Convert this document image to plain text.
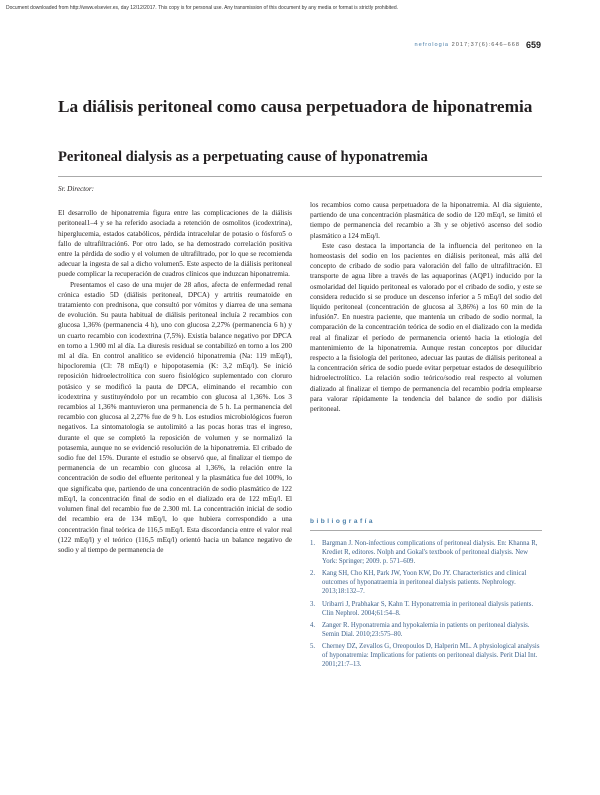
Document downloaded from http://www.elsevier.es, day 12/12/2017. This copy is for personal use. Any transmission of this document by any media or format is strictly prohibited.
nefrologia 2017;37(6):646–668 659
La diálisis peritoneal como causa perpetuadora de hiponatremia
Peritoneal dialysis as a perpetuating cause of hyponatremia

Sr. Director:

El desarrollo de hiponatremia figura entre las complicaciones de la diálisis peritoneal1–4 y se ha referido asociada a retención de osmolitos (icodextrina), hiperglucemia, estados catabólicos, pérdida intracelular de potasio o fósforo5 o fallo de ultrafiltración6. Por otro lado, se ha demostrado correlación positiva entre la pérdida de sodio y el volumen de ultrafiltrado, por lo que se recomienda adecuar la ingesta de sal a dicho volumen5. Este aspecto de la diálisis peritoneal puede complicar la recuperación de cuadros clínicos que induzcan hiponatremia.

Presentamos el caso de una mujer de 28 años, afecta de enfermedad renal crónica estadio 5D (diálisis peritoneal, DPCA) y artritis reumatoide en tratamiento con prednisona, que consultó por vómitos y diarrea de una semana de evolución. Su pauta habitual de diálisis peritoneal incluía 2 recambios con glucosa 1,36% (permanencia 4 h), uno con glucosa 2,27% (permanencia 6 h) y un cuarto recambio con icodextrina (7,5%). Existía balance negativo por DPCA en torno a 1.900 ml al día. La diuresis residual se contabilizó en torno a los 200 ml al día. En control analítico se evidenció hiponatremia (Na: 119 mEq/l), hipocloremia (Cl: 78 mEq/l) e hipopotasemia (K: 3,2 mEq/l). Se inició reposición hidroelectrolítica con suero fisiológico suplementado con cloruro potásico y se modificó la pauta de DPCA, eliminando el recambio con icodextrina y sustituyéndolo por un recambio con glucosa al 1,36%. Los 3 recambios al 1,36% mantuvieron una permanencia de 5 h. La permanencia del recambio con glucosa al 2,27% fue de 9 h. Los estudios microbiológicos fueron negativos. La sintomatología se autolimitó a las pocas horas tras el ingreso, durante el que se completó la reposición de volumen y se normalizó la potasemia, aunque no se evidenció resolución de la hiponatremia. El cribado de sodio fue del 15%. Durante el estudio se observó que, al finalizar el tiempo de permanencia de un recambio con glucosa al 1,36%, la relación entre la concentración de sodio del efluente peritoneal y la plasmática fue del 100%, lo que significaba que, partiendo de una concentración de sodio plasmático de 122 mEq/l, la concentración final de sodio en el dializado era de 122 mEq/l. El volumen final del recambio fue de 2.300 ml. La concentración inicial de sodio del recambio era de 134 mEq/l, lo que hubiera correspondido a una concentración final teórica de 116,5 mEq/l. Esta discordancia entre el valor real (122 mEq/l) y el teórico (116,5 mEq/l) orientó hacia un balance negativo de sodio y al tiempo de permanencia de

los recambios como causa perpetuadora de la hiponatremia. Al día siguiente, partiendo de una concentración plasmática de sodio de 120 mEq/l, se limitó el tiempo de permanencia del recambio a 3h y se objetivó ascenso del sodio plasmático a 124 mEq/l.

Este caso destaca la importancia de la influencia del peritoneo en la homeostasis del sodio en los pacientes en diálisis peritoneal, más allá del concepto de cribado de sodio para valoración del fallo de ultrafiltración. El transporte de agua libre a través de las aquaporinas (AQP1) inducido por la osmolaridad del líquido peritoneal es valorado por el cribado de sodio, y este se considera reducido si se produce un descenso inferior a 5 mEq/l del sodio del líquido peritoneal (concentración de glucosa al 3,86%) a los 60 min de la infusión7. En nuestra paciente, que mantenía un cribado de sodio normal, la comparación de la concentración teórica de sodio en el dializado con la medida real al finalizar el período de permanencia orientó hacia la etiología del mantenimiento de la hiponatremia. Aunque restan conceptos por dilucidar respecto a la fisiología del peritoneo, adecuar las pautas de diálisis peritoneal a la concentración sérica de sodio puede evitar perpetuar estados de desequilibrio hidroelectrolítico. La relación sodio teórico/sodio real respecto al volumen dializado al finalizar el tiempo de permanencia del recambio podría emplearse para valorar rápidamente la tendencia del balance de sodio por diálisis peritoneal.

bibliografía
1. Bargman J. Non-infectious complications of peritoneal dialysis. En: Khanna R, Krediet R, editores. Nolph and Gokal's textbook of peritoneal dialysis. New York: Springer; 2009. p. 571–609.
2. Kang SH, Cho KH, Park JW, Yoon KW, Do JY. Characteristics and clinical outcomes of hyponatraemia in peritoneal dialysis patients. Nephrology. 2013;18:132–7.
3. Uribarri J, Prabhakar S, Kahn T. Hyponatremia in peritoneal dialysis patients. Clin Nephrol. 2004;61:54–8.
4. Zanger R. Hyponatremia and hypokalemia in patients on peritoneal dialysis. Semin Dial. 2010;23:575–80.
5. Cherney DZ, Zevallos G, Oreopoulos D, Halperin ML. A physiological analysis of hyponatremia: Implications for patients on peritoneal dialysis. Perit Dial Int. 2001;21:7–13.
